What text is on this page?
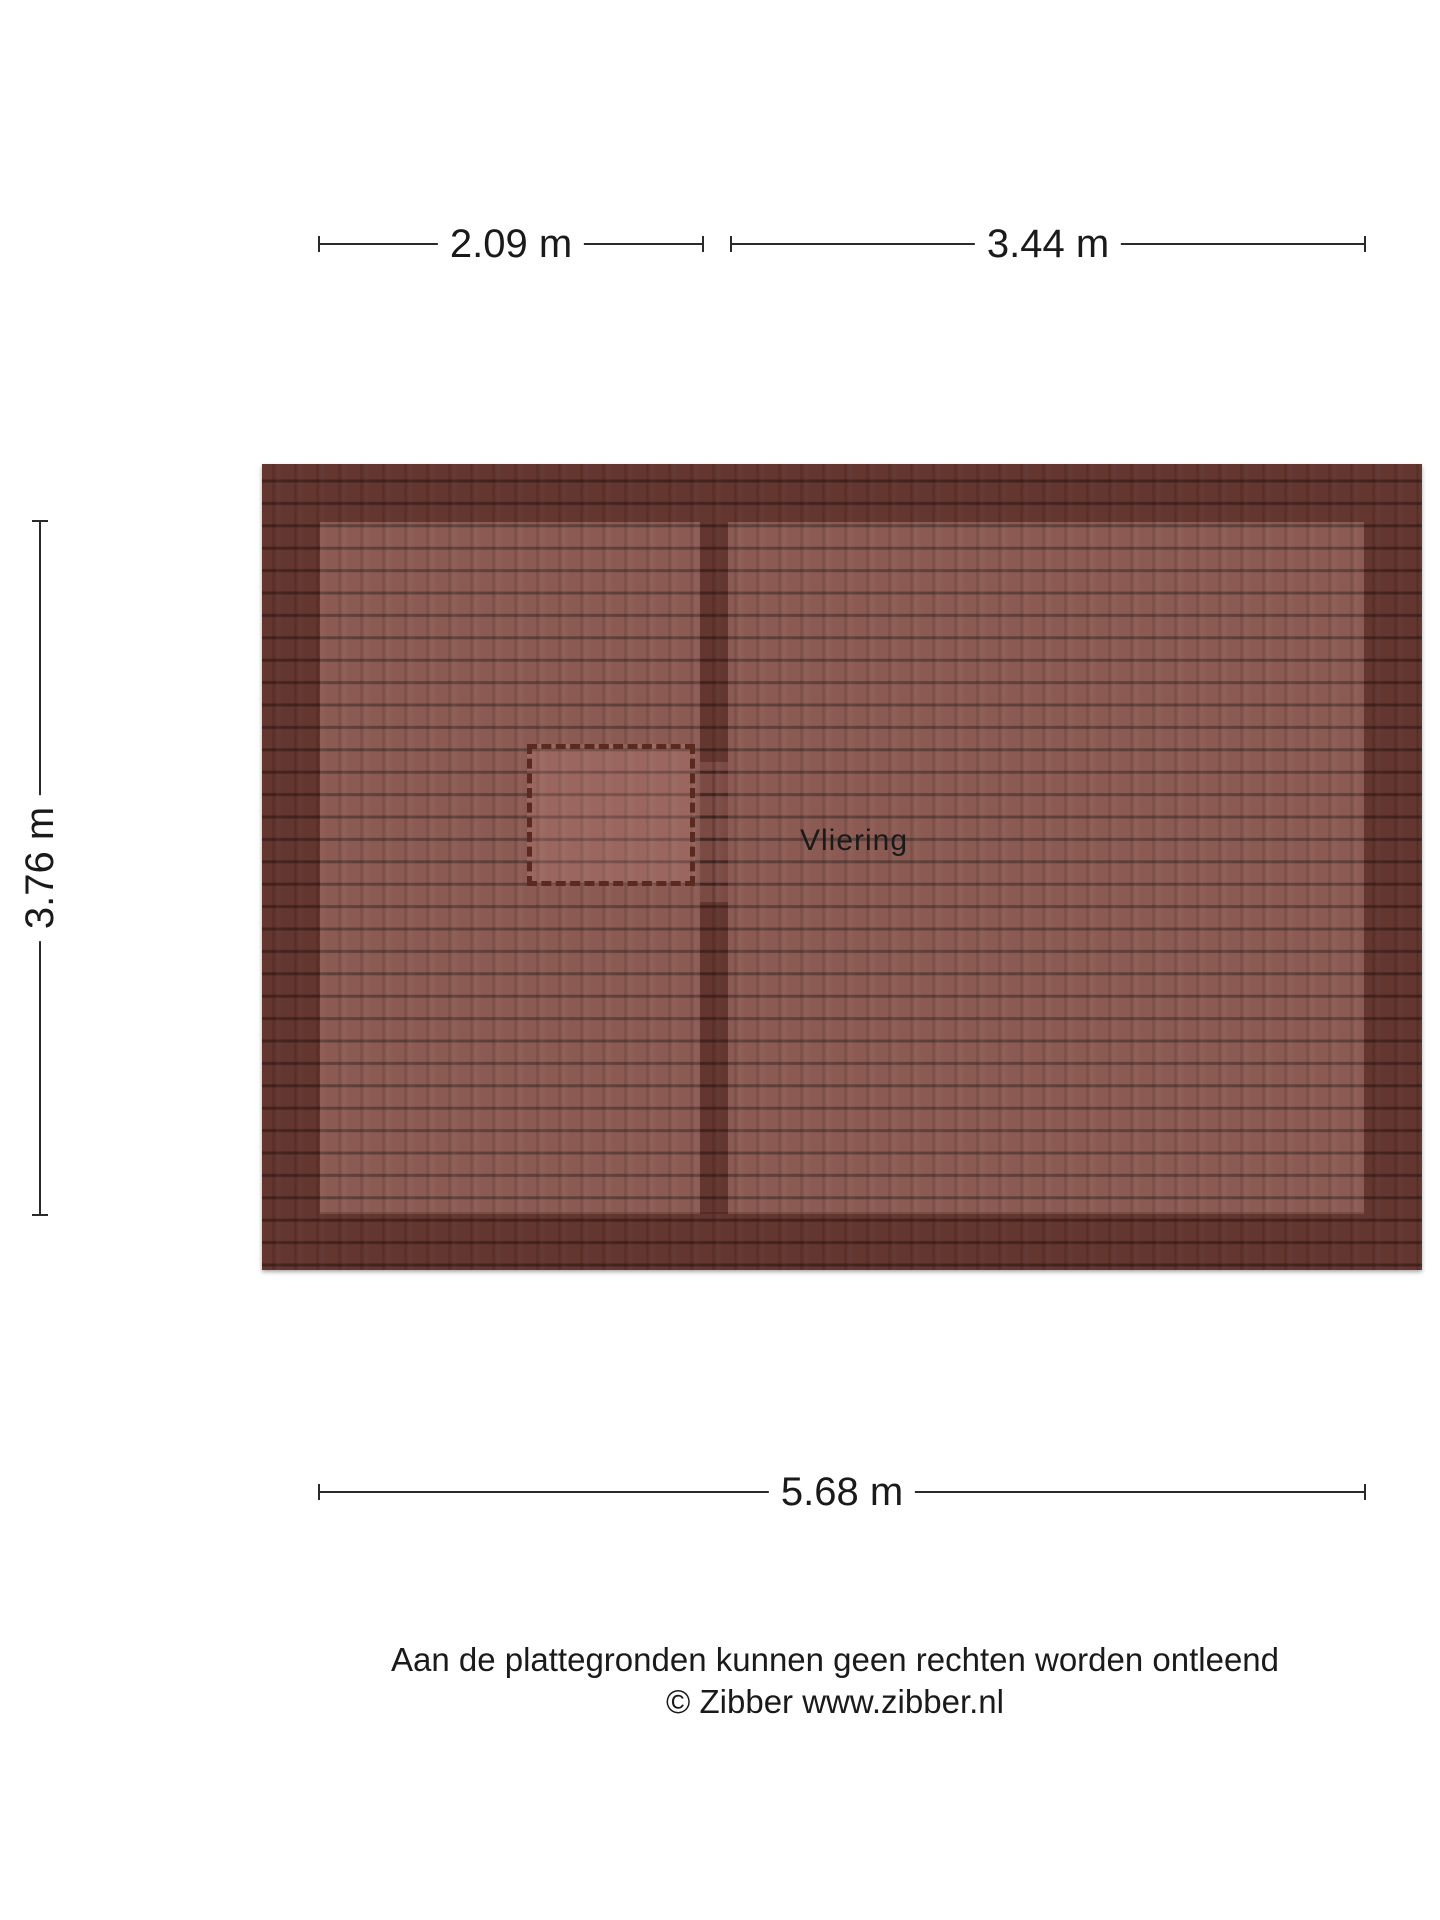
2.09 m	3.44 m
3.76 m	Vliering
5.68 m
Aan de plattegronden kunnen geen rechten worden ontleend
© Zibber www.zibber.nl
